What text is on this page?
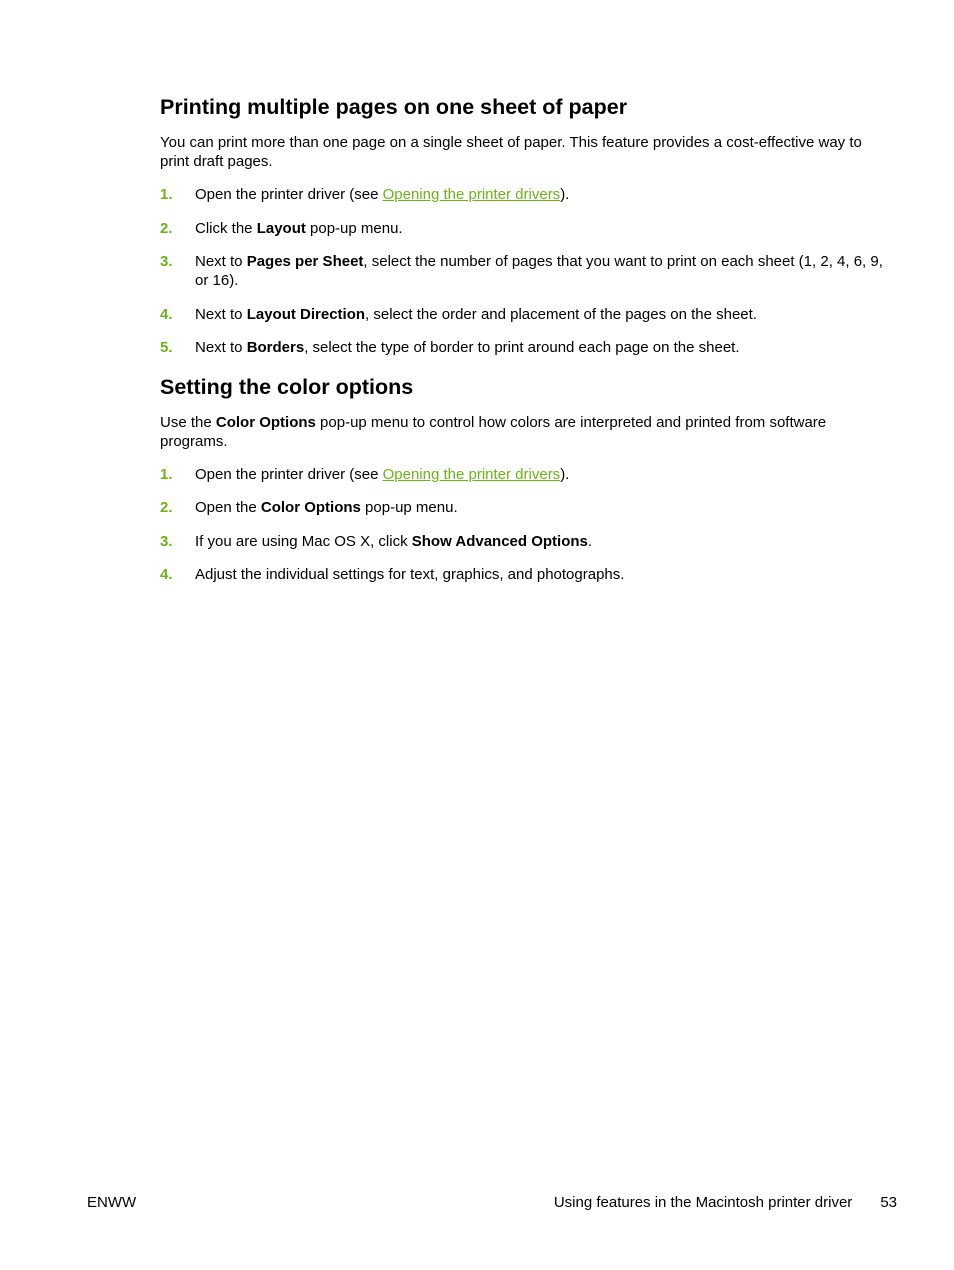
Printing multiple pages on one sheet of paper

You can print more than one page on a single sheet of paper. This feature provides a cost-effective way to print draft pages.

1. Open the printer driver (see Opening the printer drivers).
2. Click the Layout pop-up menu.
3. Next to Pages per Sheet, select the number of pages that you want to print on each sheet (1, 2, 4, 6, 9, or 16).
4. Next to Layout Direction, select the order and placement of the pages on the sheet.
5. Next to Borders, select the type of border to print around each page on the sheet.
Setting the color options

Use the Color Options pop-up menu to control how colors are interpreted and printed from software programs.

1. Open the printer driver (see Opening the printer drivers).
2. Open the Color Options pop-up menu.
3. If you are using Mac OS X, click Show Advanced Options.
4. Adjust the individual settings for text, graphics, and photographs.
ENWW	Using features in the Macintosh printer driver 53
